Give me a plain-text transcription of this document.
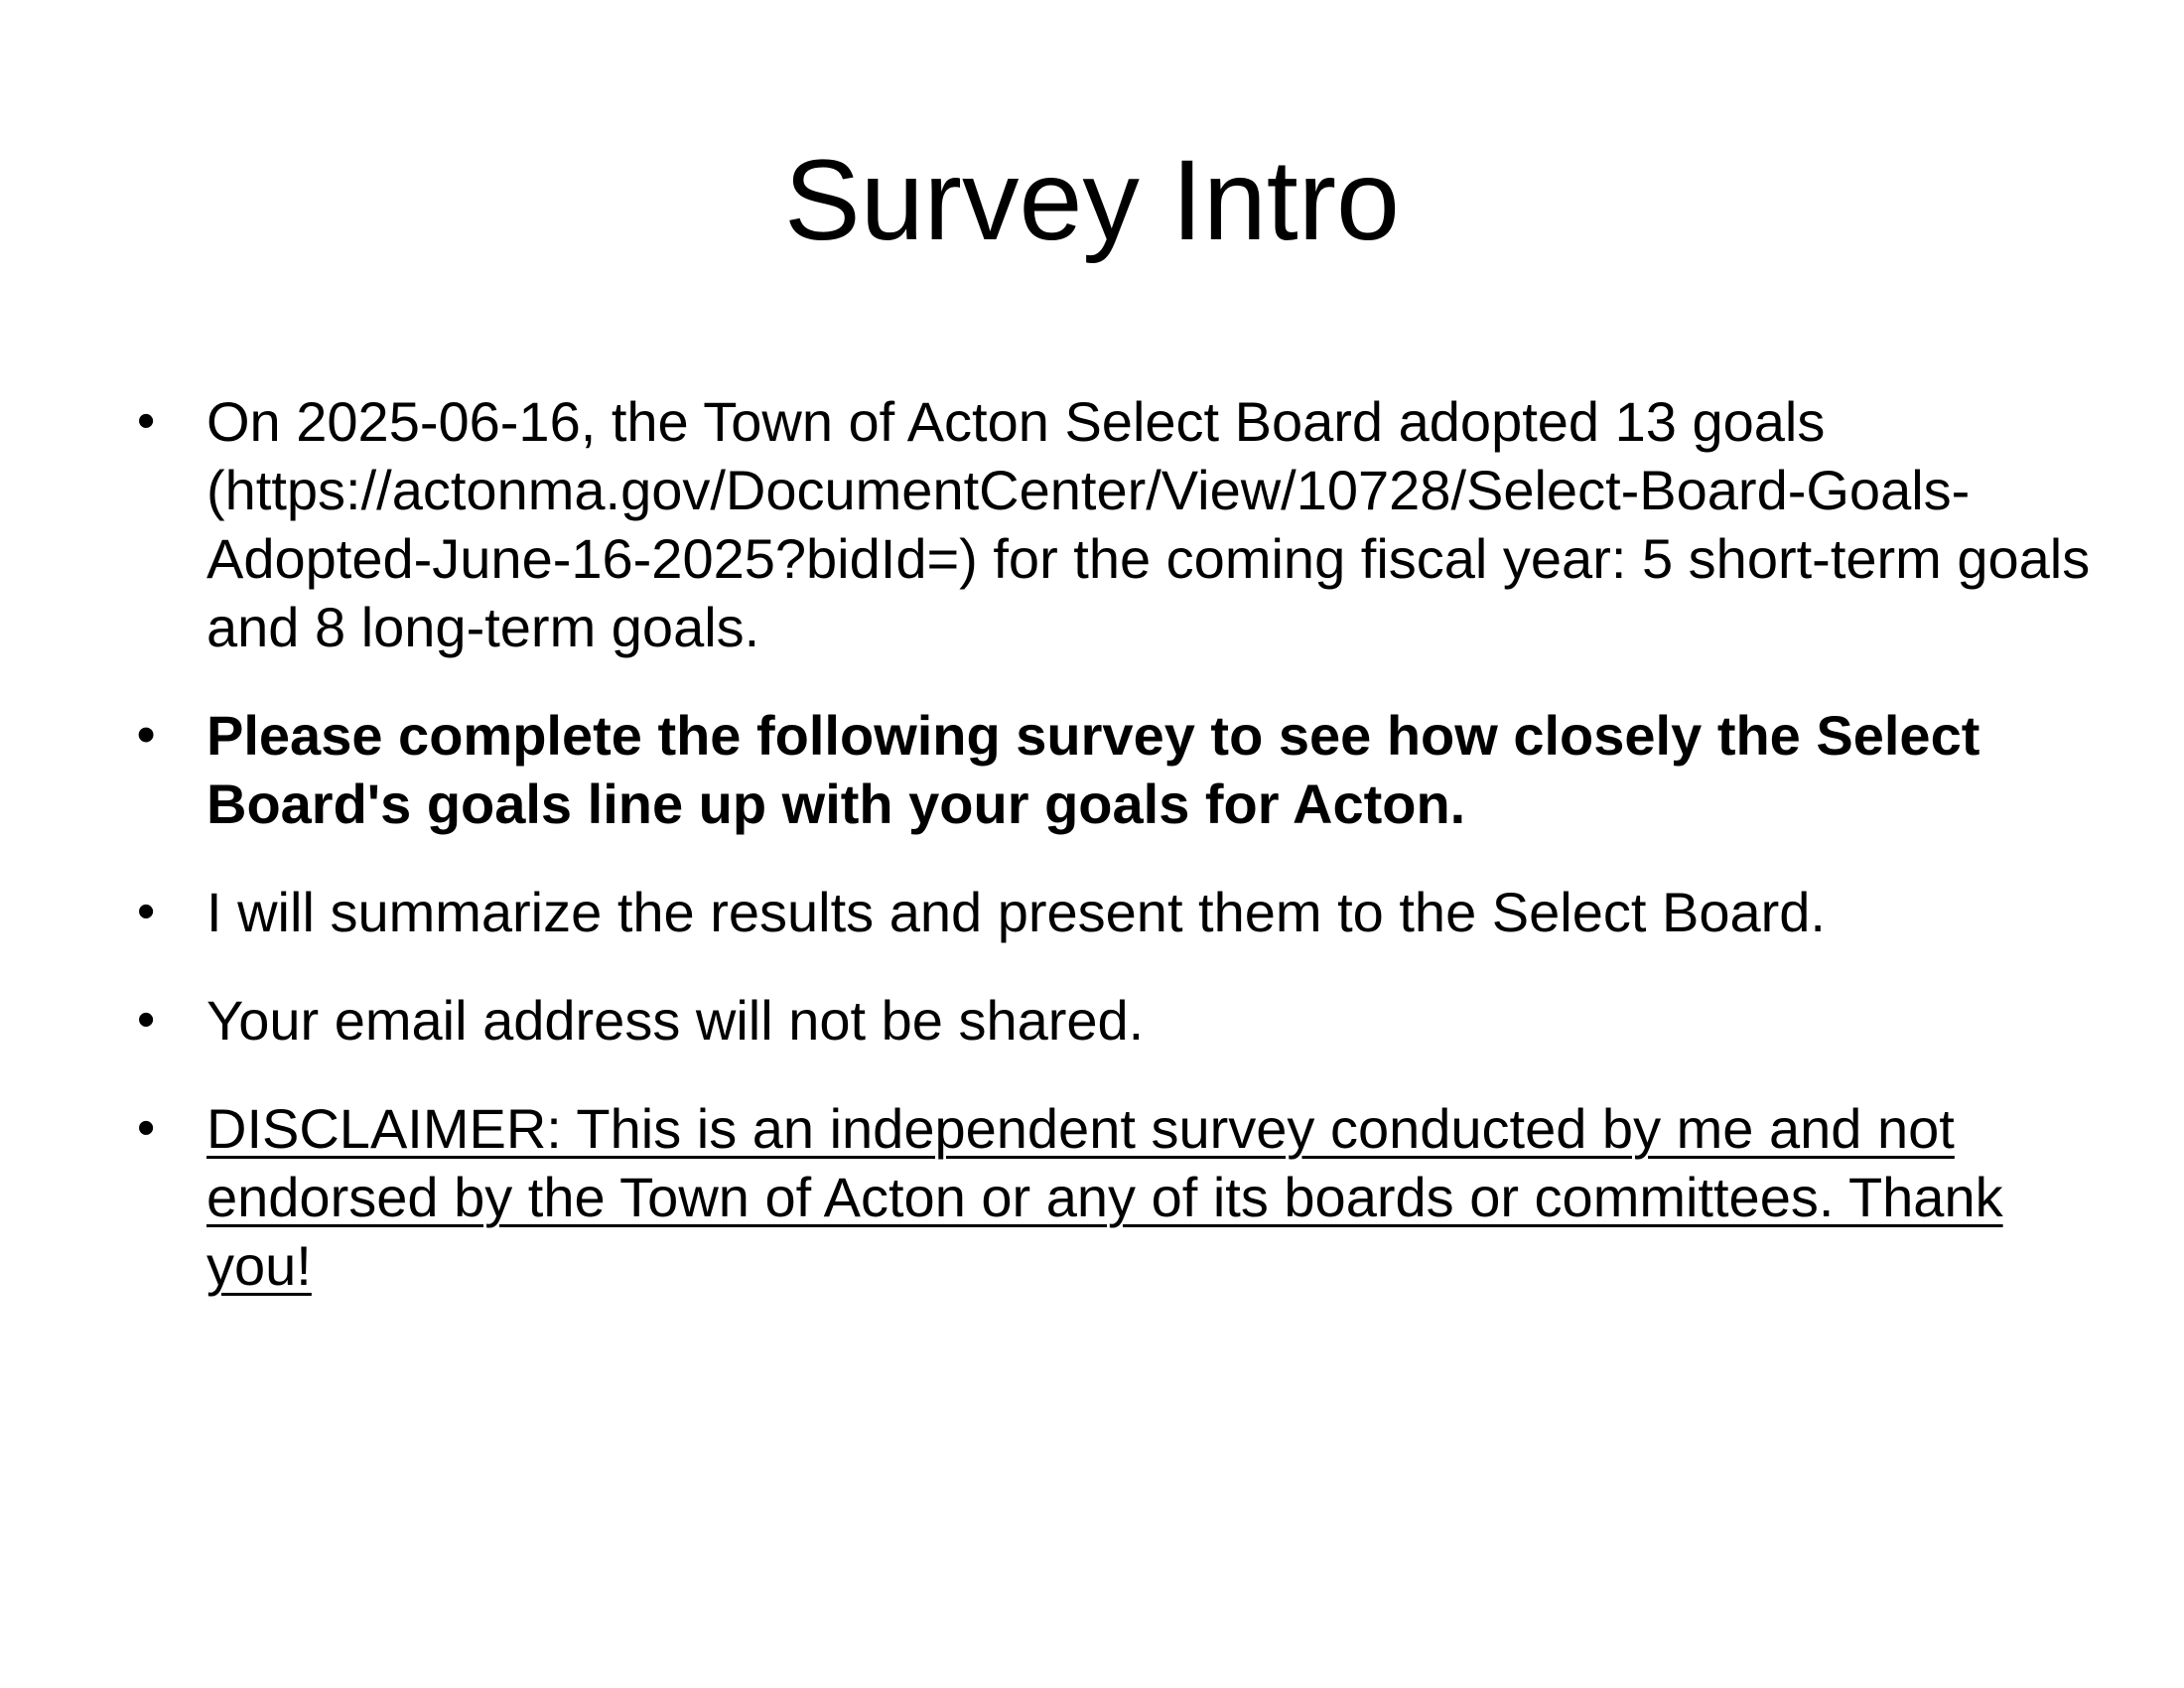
Survey Intro
• On 2025-06-16, the Town of Acton Select Board adopted 13 goals (https://actonma.gov/DocumentCenter/View/10728/Select-Board-Goals-Adopted-June-16-2025?bidId=) for the coming fiscal year: 5 short-term goals and 8 long-term goals.
• Please complete the following survey to see how closely the Select Board's goals line up with your goals for Acton.
• I will summarize the results and present them to the Select Board.
• Your email address will not be shared.
• DISCLAIMER: This is an independent survey conducted by me and not endorsed by the Town of Acton or any of its boards or committees. Thank you!
